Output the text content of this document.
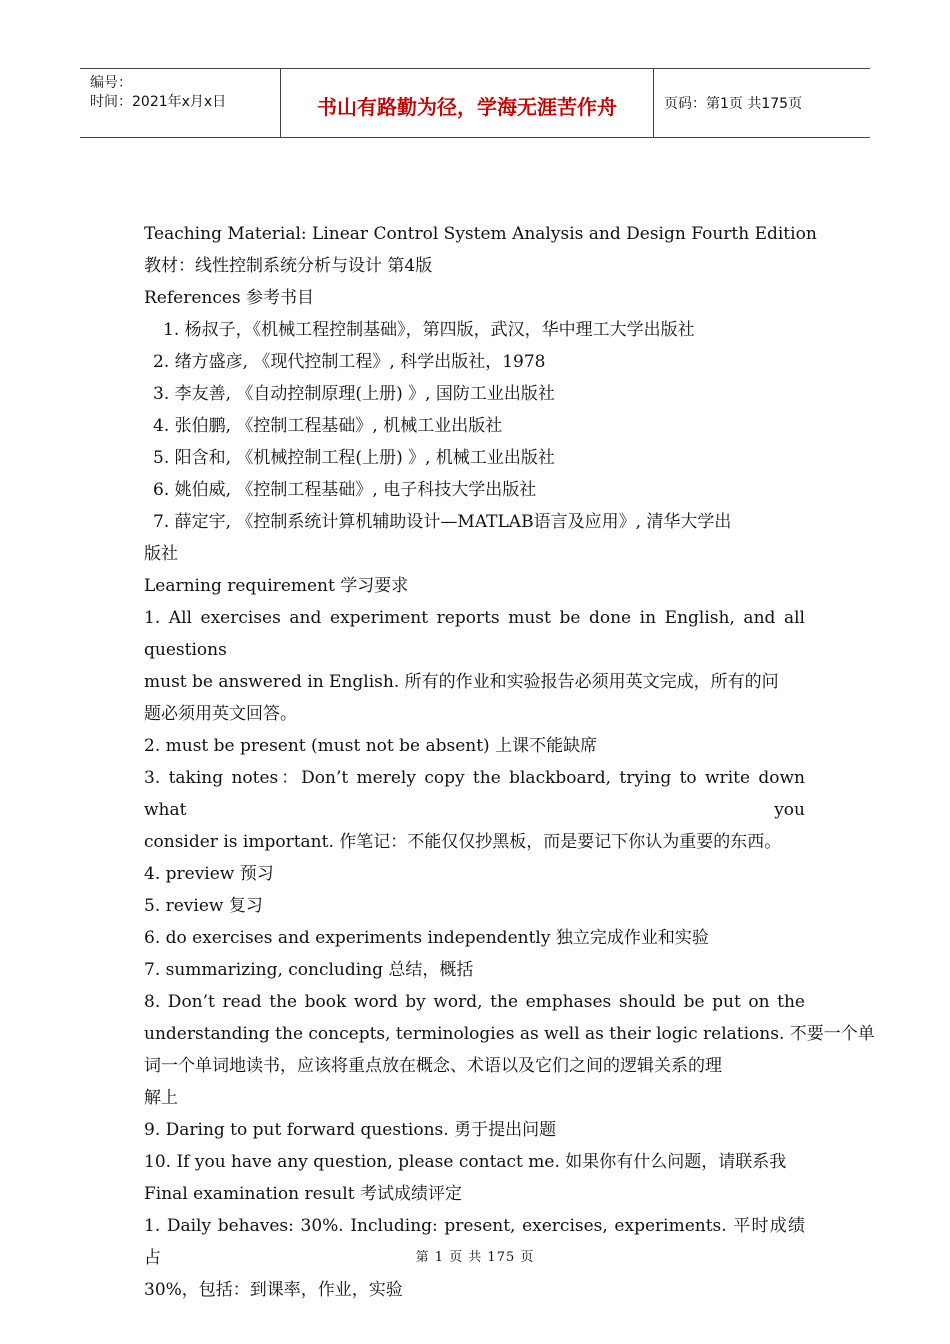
编号：
时间：2021年x月x日	书山有路勤为径，学海无涯苦作舟	页码：第1页 共175页
Teaching Material: Linear Control System Analysis and Design Fourth Edition
教材：线性控制系统分析与设计 第4版
References 参考书目
1. 杨叔子，《机械工程控制基础》，第四版，武汉，华中理工大学出版社
2. 绪方盛彦, 《现代控制工程》, 科学出版社，1978
3. 李友善, 《自动控制原理(上册) 》, 国防工业出版社
4. 张伯鹏, 《控制工程基础》, 机械工业出版社
5. 阳含和, 《机械控制工程(上册) 》, 机械工业出版社
6. 姚伯威, 《控制工程基础》, 电子科技大学出版社
7. 薛定宇, 《控制系统计算机辅助设计—MATLAB语言及应用》, 清华大学出
版社
Learning requirement 学习要求
1. All exercises and experiment reports must be done in English, and all questions
must be answered in English. 所有的作业和实验报告必须用英文完成，所有的问
题必须用英文回答。
2. must be present (must not be absent) 上课不能缺席
3. taking notes：Don’t merely copy the blackboard, trying to write down what you
consider is important. 作笔记：不能仅仅抄黑板，而是要记下你认为重要的东西。
4. preview 预习
5. review 复习
6. do exercises and experiments independently 独立完成作业和实验
7. summarizing, concluding 总结，概括
8. Don’t read the book word by word, the emphases should be put on the
understanding the concepts, terminologies as well as their logic relations. 不要一个单
词一个单词地读书，应该将重点放在概念、术语以及它们之间的逻辑关系的理
解上
9. Daring to put forward questions. 勇于提出问题
10. If you have any question, please contact me. 如果你有什么问题，请联系我
Final examination result 考试成绩评定
1. Daily behaves: 30%. Including: present, exercises, experiments. 平时成绩占
30%，包括：到课率，作业，实验
第 1 页 共 175 页
